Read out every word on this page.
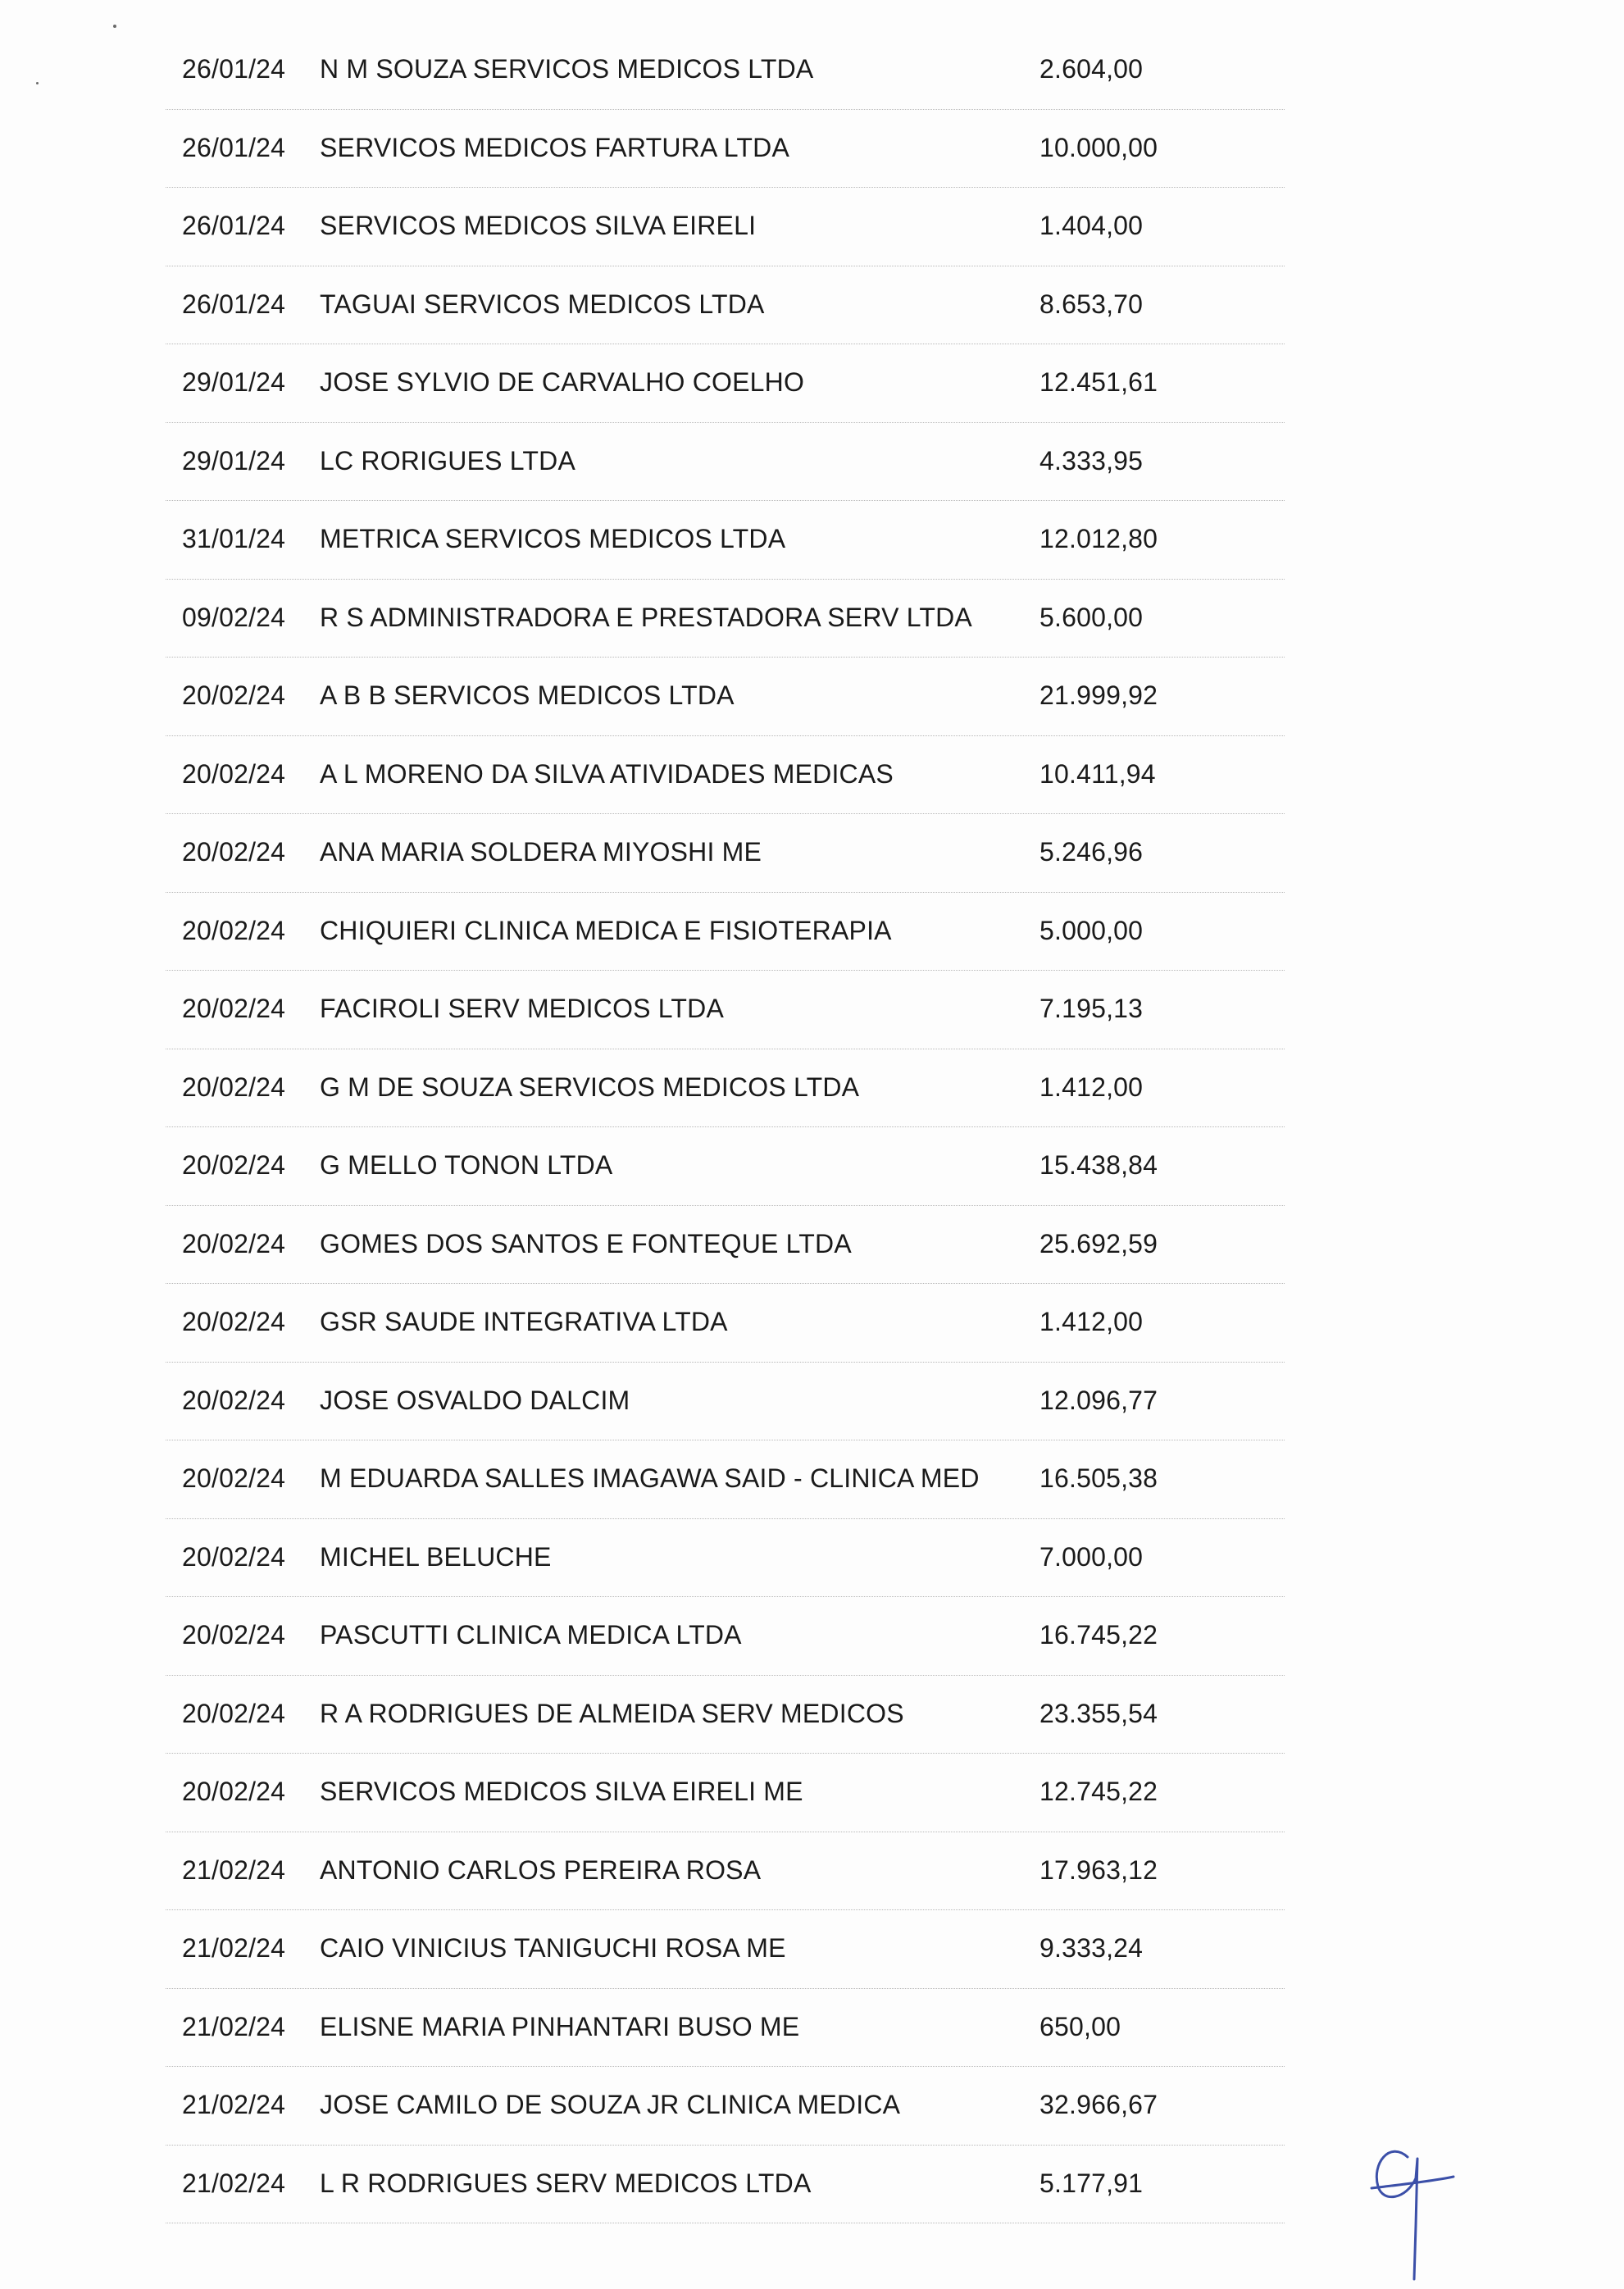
26/01/24 N M SOUZA SERVICOS MEDICOS LTDA	2.604,00
26/01/24 SERVICOS MEDICOS FARTURA LTDA	10.000,00
26/01/24 SERVICOS MEDICOS SILVA EIRELI	1.404,00
26/01/24 TAGUAI SERVICOS MEDICOS LTDA	8.653,70
29/01/24 JOSE SYLVIO DE CARVALHO COELHO	12.451,61
29/01/24 LC RORIGUES LTDA	4.333,95
31/01/24 METRICA SERVICOS MEDICOS LTDA	12.012,80
09/02/24 R S ADMINISTRADORA E PRESTADORA SERV LTDA	5.600,00
20/02/24 A B B SERVICOS MEDICOS LTDA	21.999,92
20/02/24 A L MORENO DA SILVA ATIVIDADES MEDICAS	10.411,94
20/02/24 ANA MARIA SOLDERA MIYOSHI ME	5.246,96
20/02/24 CHIQUIERI CLINICA MEDICA E FISIOTERAPIA	5.000,00
20/02/24 FACIROLI SERV MEDICOS LTDA	7.195,13
20/02/24 G M DE SOUZA SERVICOS MEDICOS LTDA	1.412,00
20/02/24 G MELLO TONON LTDA	15.438,84
20/02/24 GOMES DOS SANTOS E FONTEQUE LTDA	25.692,59
20/02/24 GSR SAUDE INTEGRATIVA LTDA	1.412,00
20/02/24 JOSE OSVALDO DALCIM	12.096,77
20/02/24 M EDUARDA SALLES IMAGAWA SAID - CLINICA MED 16.505,38
20/02/24 MICHEL BELUCHE	7.000,00
20/02/24 PASCUTTI CLINICA MEDICA LTDA	16.745,22
20/02/24 R A RODRIGUES DE ALMEIDA SERV MEDICOS	23.355,54
20/02/24 SERVICOS MEDICOS SILVA EIRELI ME	12.745,22
21/02/24 ANTONIO CARLOS PEREIRA ROSA	17.963,12
21/02/24 CAIO VINICIUS TANIGUCHI ROSA ME	9.333,24
21/02/24 ELISNE MARIA PINHANTARI BUSO ME	650,00
21/02/24 JOSE CAMILO DE SOUZA JR CLINICA MEDICA	32.966,67
21/02/24 L R RODRIGUES SERV MEDICOS LTDA	5.177,91
